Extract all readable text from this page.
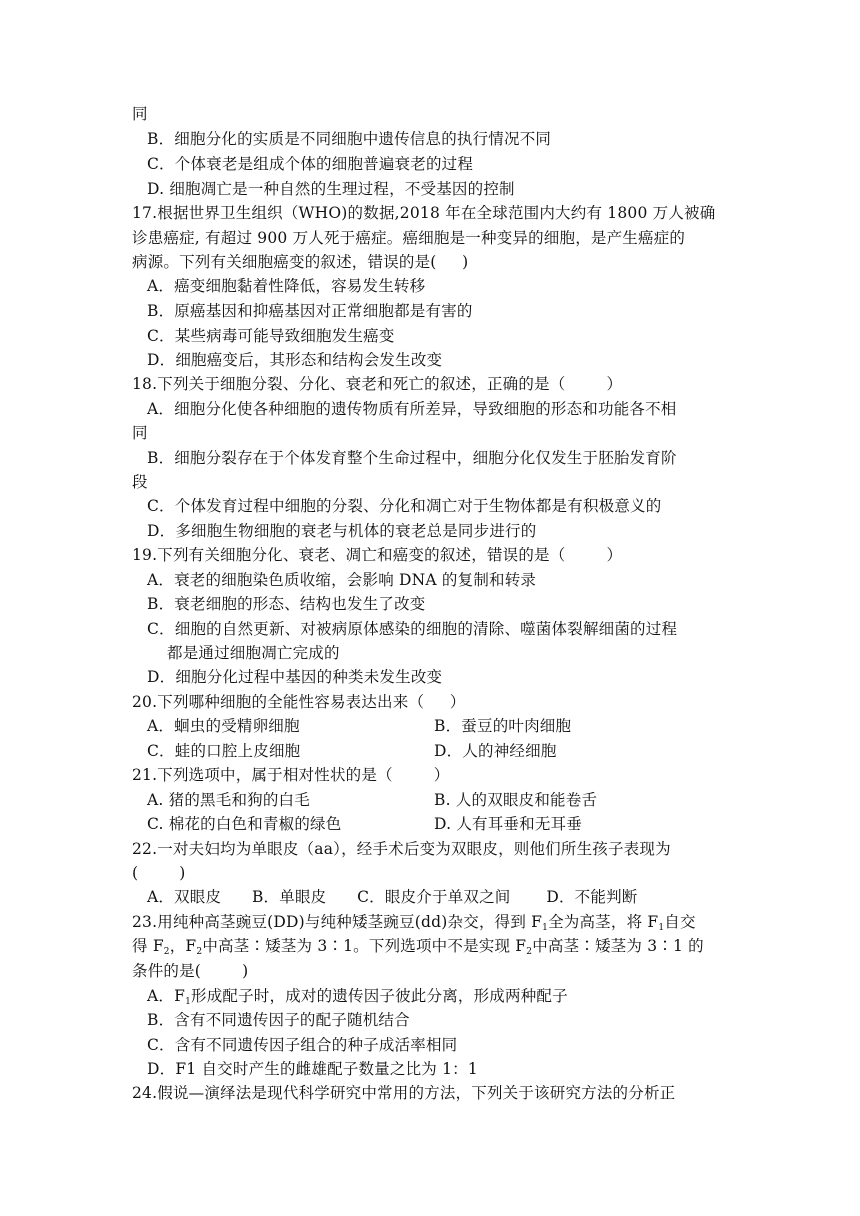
同
B．细胞分化的实质是不同细胞中遗传信息的执行情况不同
C．个体衰老是组成个体的细胞普遍衰老的过程
D. 细胞凋亡是一种自然的生理过程，不受基因的控制
17.根据世界卫生组织（WHO)的数据,2018 年在全球范围内大约有 1800 万人被确
诊患癌症, 有超过 900 万人死于癌症。癌细胞是一种变异的细胞，是产生癌症的
病源。下列有关细胞癌变的叙述，错误的是(     )
A．癌变细胞黏着性降低，容易发生转移
B．原癌基因和抑癌基因对正常细胞都是有害的
C．某些病毒可能导致细胞发生癌变
D．细胞癌变后，其形态和结构会发生改变
18.下列关于细胞分裂、分化、衰老和死亡的叙述，正确的是（        ）
A．细胞分化使各种细胞的遗传物质有所差异，导致细胞的形态和功能各不相
同
B．细胞分裂存在于个体发育整个生命过程中，细胞分化仅发生于胚胎发育阶
段
C．个体发育过程中细胞的分裂、分化和凋亡对于生物体都是有积极意义的
D．多细胞生物细胞的衰老与机体的衰老总是同步进行的
19.下列有关细胞分化、衰老、凋亡和癌变的叙述，错误的是（        ）
A．衰老的细胞染色质收缩，会影响 DNA 的复制和转录
B．衰老细胞的形态、结构也发生了改变
C．细胞的自然更新、对被病原体感染的细胞的清除、噬菌体裂解细菌的过程
都是通过细胞凋亡完成的
D．细胞分化过程中基因的种类未发生改变
20.下列哪种细胞的全能性容易表达出来（     ）
A．蛔虫的受精卵细胞	B．蚕豆的叶肉细胞
C．蛙的口腔上皮细胞	D．人的神经细胞
21.下列选项中，属于相对性状的是（        ）
A. 猪的黑毛和狗的白毛	B. 人的双眼皮和能卷舌
C. 棉花的白色和青椒的绿色	D. 人有耳垂和无耳垂
22.一对夫妇均为单眼皮（aa），经手术后变为双眼皮，则他们所生孩子表现为
(        )
A．双眼皮      B．单眼皮      C．眼皮介于单双之间       D．不能判断
23.用纯种高茎豌豆(DD)与纯种矮茎豌豆(dd)杂交，得到 $F_1$全为高茎，将 $F_1$自交
得 $F_2$，$F_2$中高茎∶矮茎为 3∶1。下列选项中不是实现 $F_2$中高茎∶矮茎为 3∶1 的
条件的是(        )
A．$F_1$形成配子时，成对的遗传因子彼此分离，形成两种配子
B．含有不同遗传因子的配子随机结合
C．含有不同遗传因子组合的种子成活率相同
D．F1 自交时产生的雌雄配子数量之比为 1：1
24.假说—演绎法是现代科学研究中常用的方法，下列关于该研究方法的分析正
